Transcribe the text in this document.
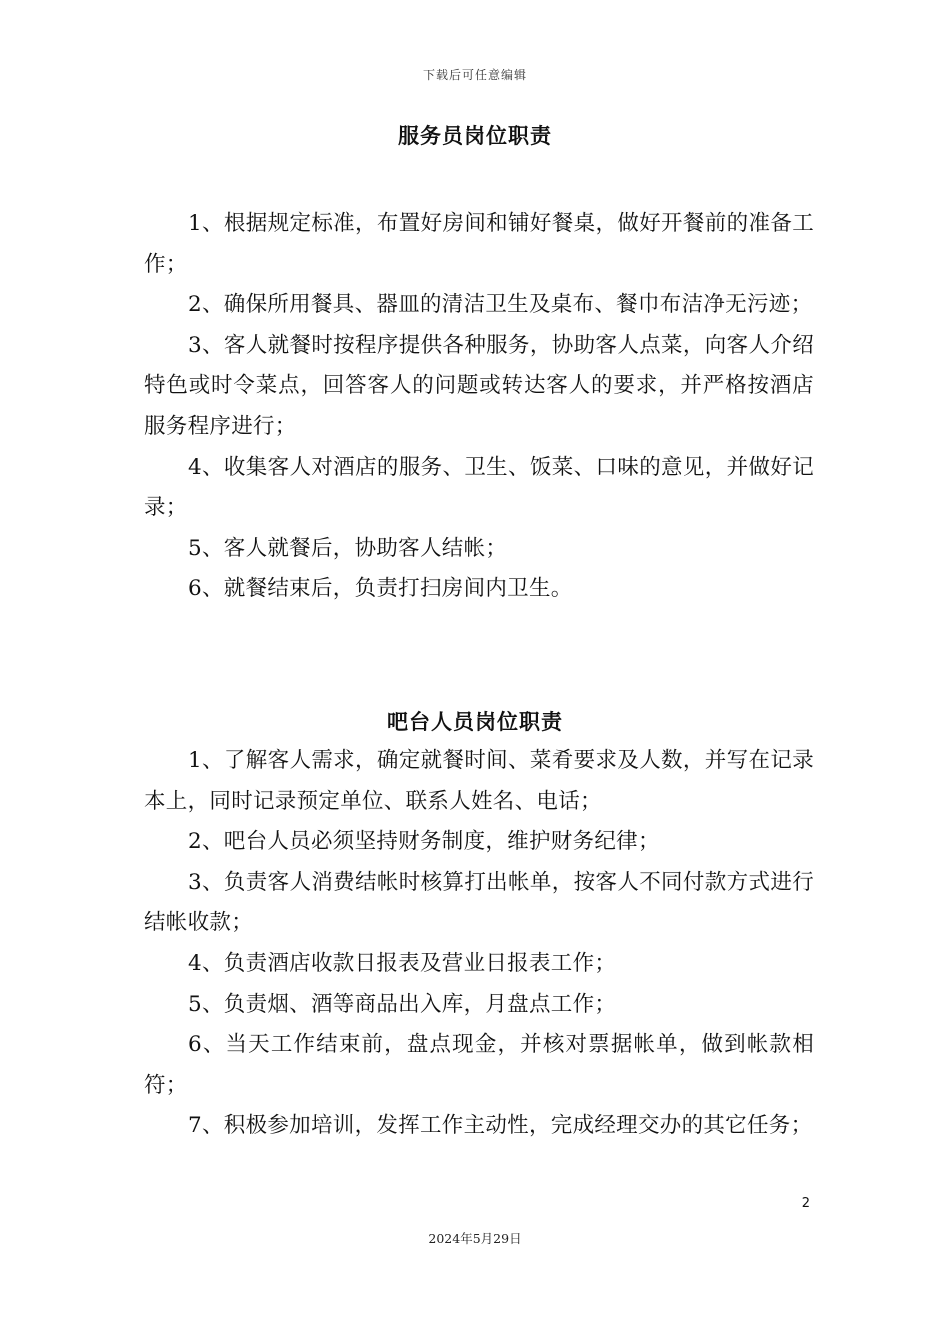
下载后可任意编辑
服务员岗位职责

1、根据规定标准，布置好房间和铺好餐桌，做好开餐前的准备工作；

2、确保所用餐具、器皿的清洁卫生及桌布、餐巾布洁净无污迹；

3、客人就餐时按程序提供各种服务，协助客人点菜，向客人介绍特色或时令菜点，回答客人的问题或转达客人的要求，并严格按酒店服务程序进行；

4、收集客人对酒店的服务、卫生、饭菜、口味的意见，并做好记录；

5、客人就餐后，协助客人结帐；

6、就餐结束后，负责打扫房间内卫生。

吧台人员岗位职责

1、了解客人需求，确定就餐时间、菜肴要求及人数，并写在记录本上，同时记录预定单位、联系人姓名、电话；

2、吧台人员必须坚持财务制度，维护财务纪律；

3、负责客人消费结帐时核算打出帐单，按客人不同付款方式进行结帐收款；

4、负责酒店收款日报表及营业日报表工作；

5、负责烟、酒等商品出入库，月盘点工作；

6、当天工作结束前，盘点现金，并核对票据帐单，做到帐款相符；

7、积极参加培训，发挥工作主动性，完成经理交办的其它任务；

2
2024年5月29日
